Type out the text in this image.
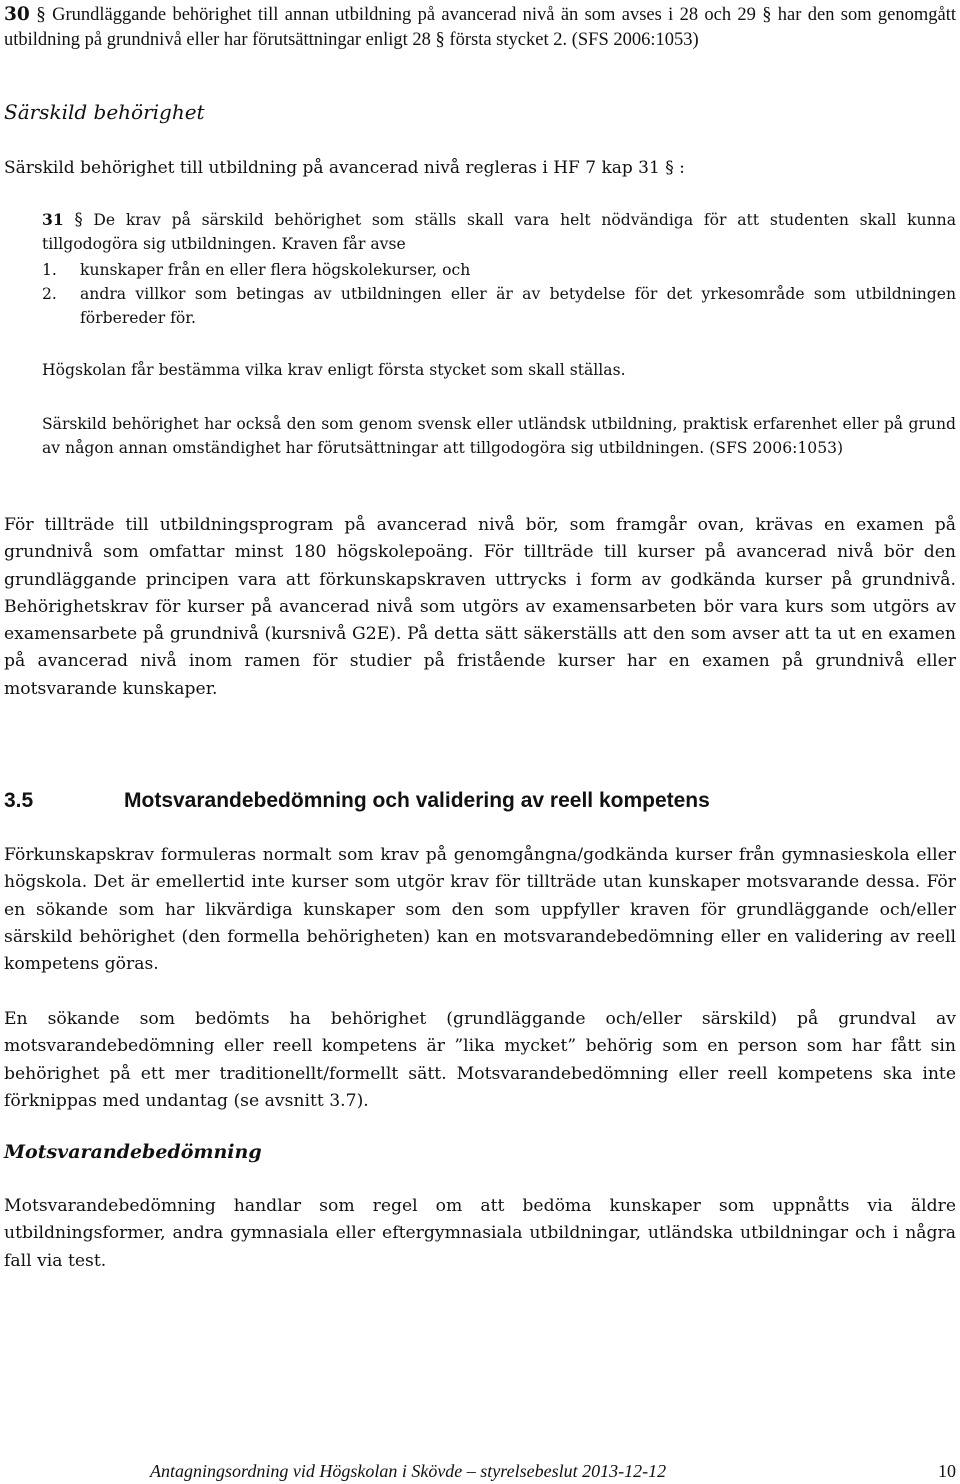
30 § Grundläggande behörighet till annan utbildning på avancerad nivå än som avses i 28 och 29 § har den som genomgått utbildning på grundnivå eller har förutsättningar enligt 28 § första stycket 2. (SFS 2006:1053)

Särskild behörighet

Särskild behörighet till utbildning på avancerad nivå regleras i HF 7 kap 31 § :

31 § De krav på särskild behörighet som ställs skall vara helt nödvändiga för att studenten skall kunna tillgodogöra sig utbildningen. Kraven får avse

1. kunskaper från en eller flera högskolekurser, och
2. andra villkor som betingas av utbildningen eller är av betydelse för det yrkesområde som utbildningen förbereder för.

Högskolan får bestämma vilka krav enligt första stycket som skall ställas.

Särskild behörighet har också den som genom svensk eller utländsk utbildning, praktisk erfarenhet eller på grund av någon annan omständighet har förutsättningar att tillgodogöra sig utbildningen. (SFS 2006:1053)

För tillträde till utbildningsprogram på avancerad nivå bör, som framgår ovan, krävas en examen på grundnivå som omfattar minst 180 högskolepoäng. För tillträde till kurser på avancerad nivå bör den grundläggande principen vara att förkunskapskraven uttrycks i form av godkända kurser på grundnivå. Behörighetskrav för kurser på avancerad nivå som utgörs av examensarbeten bör vara kurs som utgörs av examensarbete på grundnivå (kursnivå G2E). På detta sätt säkerställs att den som avser att ta ut en examen på avancerad nivå inom ramen för studier på fristående kurser har en examen på grundnivå eller motsvarande kunskaper.

3.5	Motsvarandebedömning och validering av reell kompetens

Förkunskapskrav formuleras normalt som krav på genomgångna/godkända kurser från gymnasieskola eller högskola. Det är emellertid inte kurser som utgör krav för tillträde utan kunskaper motsvarande dessa. För en sökande som har likvärdiga kunskaper som den som uppfyller kraven för grundläggande och/eller särskild behörighet (den formella behörigheten) kan en motsvarandebedömning eller en validering av reell kompetens göras.

En sökande som bedömts ha behörighet (grundläggande och/eller särskild) på grundval av motsvarandebedömning eller reell kompetens är ”lika mycket” behörig som en person som har fått sin behörighet på ett mer traditionellt/formellt sätt. Motsvarandebedömning eller reell kompetens ska inte förknippas med undantag (se avsnitt 3.7).

Motsvarandebedömning

Motsvarandebedömning handlar som regel om att bedöma kunskaper som uppnåtts via äldre utbildningsformer, andra gymnasiala eller eftergymnasiala utbildningar, utländska utbildningar och i några fall via test.

Antagningsordning vid Högskolan i Skövde – styrelsebeslut 2013-12-12	10
